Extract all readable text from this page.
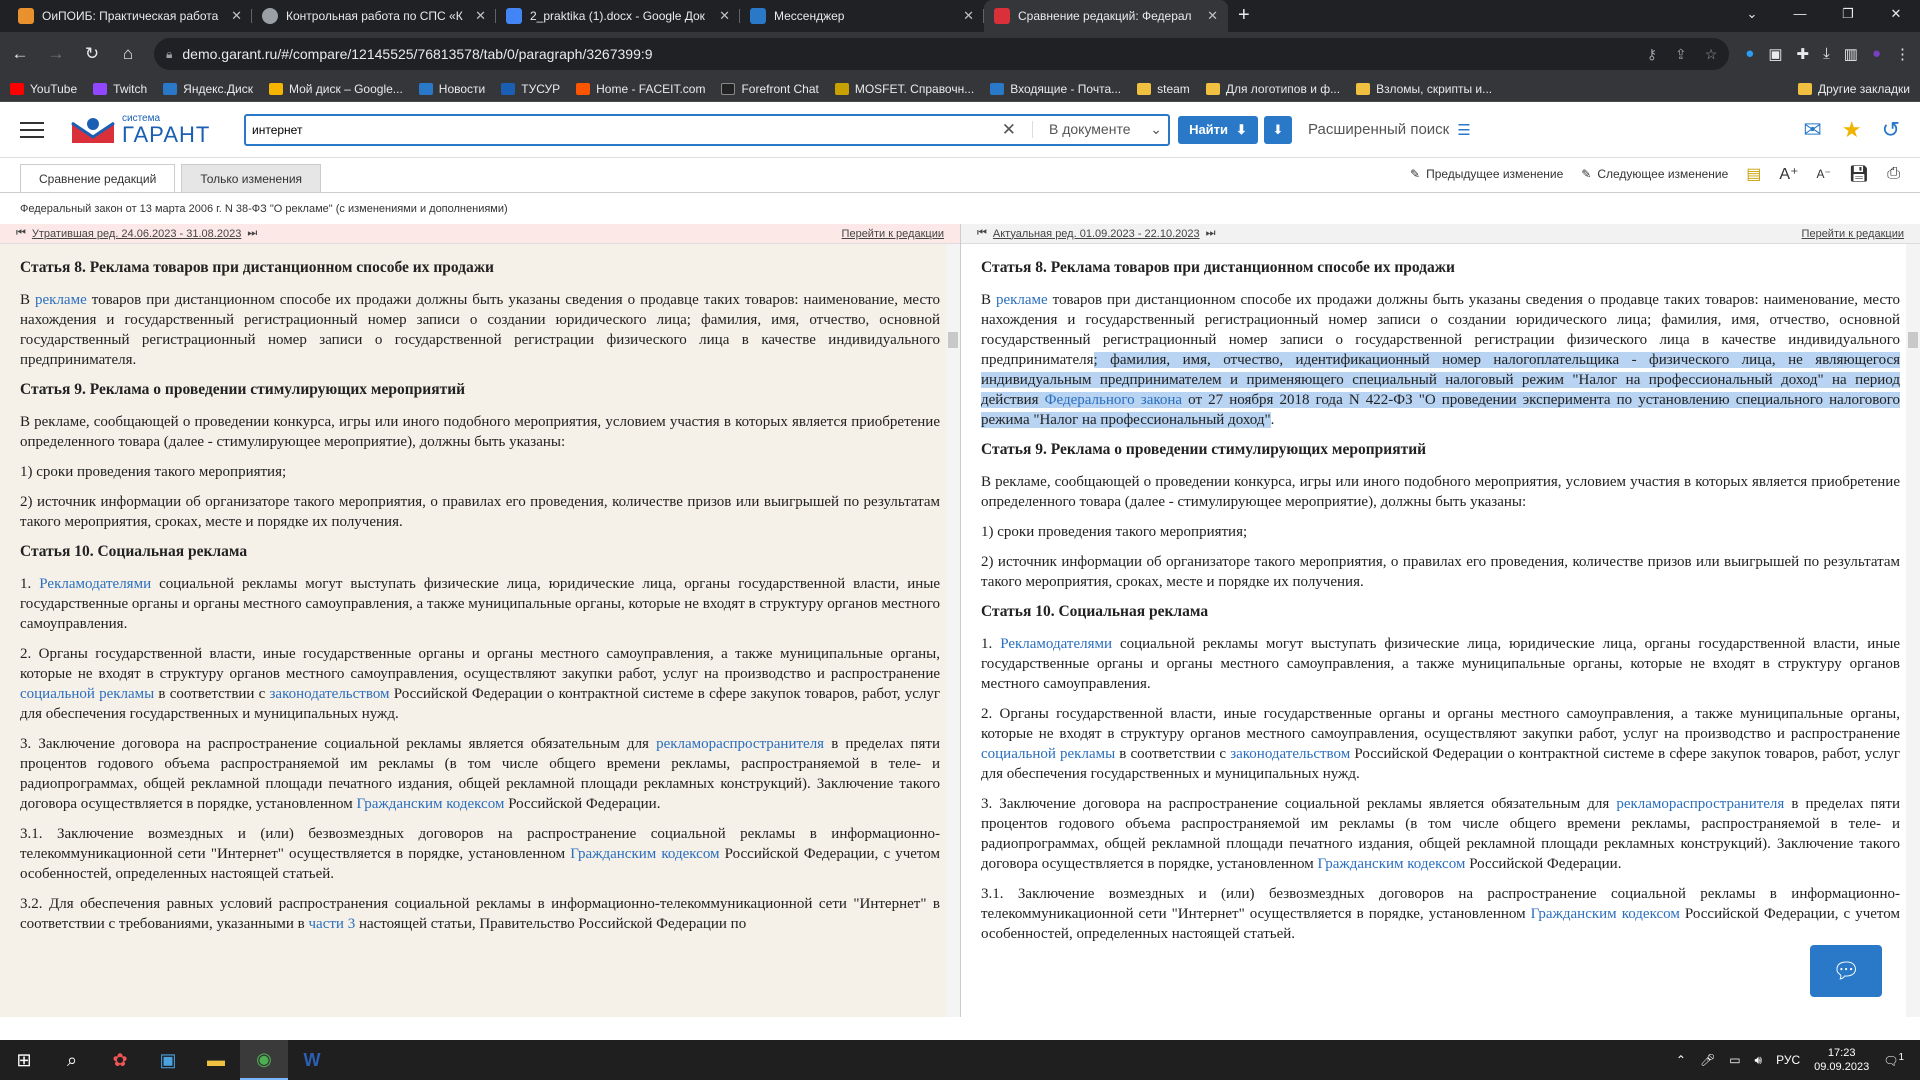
ОиПОИБ: Практическая работа ✕	Контрольная работа по СПС «К ✕	2_praktika (1).docx - Google Док	✕	Мессенджер	✕	Сравнение редакций: Федерал	✕	+	⌄	—	❐	✕
← → ↻ ⌂	🔒︎ demo.garant.ru/#/compare/12145525/76813578/tab/0/paragraph/3267399:9	⚷ ⇪ ☆ ● ▣ ✚ ⤓ ▥ ● ⋮
YouTube	Twitch	Яндекс.Диск	Мой диск – Google...	Новости	ТУСУР	Home - FACEIT.com	Forefront Chat	MOSFET. Справочн...	Входящие - Почта...	steam	Для логотипов и ф...	Взломы, скрипты и...	Другие закладки
система
ГАРАНТ	интернет	✕ В документе ⌄ Найти ⬇	⬇	Расширенный поиск ☰	✉ ★ ↺
Сравнение редакций	Только изменения	✎ Предыдущее изменение ✎ Следующее изменение ▤ A⁺ A⁻ 💾︎ ⎙
Федеральный закон от 13 марта 2006 г. N 38-ФЗ "О рекламе" (с изменениями и дополнениями)
⏮ Утратившая ред. 24.06.2023 - 31.08.2023 ⏭	Перейти к редакции
Статья 8. Реклама товаров при дистанционном способе их продажи

В рекламе товаров при дистанционном способе их продажи должны быть указаны сведения о продавце таких товаров: наименование, место нахождения и государственный регистрационный номер записи о создании юридического лица; фамилия, имя, отчество, основной государственный регистрационный номер записи о государственной регистрации физического лица в качестве индивидуального предпринимателя.

Статья 9. Реклама о проведении стимулирующих мероприятий

В рекламе, сообщающей о проведении конкурса, игры или иного подобного мероприятия, условием участия в которых является приобретение определенного товара (далее - стимулирующее мероприятие), должны быть указаны:

1) сроки проведения такого мероприятия;

2) источник информации об организаторе такого мероприятия, о правилах его проведения, количестве призов или выигрышей по результатам такого мероприятия, сроках, месте и порядке их получения.

Статья 10. Социальная реклама

1. Рекламодателями социальной рекламы могут выступать физические лица, юридические лица, органы государственной власти, иные государственные органы и органы местного самоуправления, а также муниципальные органы, которые не входят в структуру органов местного самоуправления.

2. Органы государственной власти, иные государственные органы и органы местного самоуправления, а также муниципальные органы, которые не входят в структуру органов местного самоуправления, осуществляют закупки работ, услуг на производство и распространение социальной рекламы в соответствии с законодательством Российской Федерации о контрактной системе в сфере закупок товаров, работ, услуг для обеспечения государственных и муниципальных нужд.

3. Заключение договора на распространение социальной рекламы является обязательным для рекламораспространителя в пределах пяти процентов годового объема распространяемой им рекламы (в том числе общего времени рекламы, распространяемой в теле- и радиопрограммах, общей рекламной площади печатного издания, общей рекламной площади рекламных конструкций). Заключение такого договора осуществляется в порядке, установленном Гражданским кодексом Российской Федерации.

3.1. Заключение возмездных и (или) безвозмездных договоров на распространение социальной рекламы в информационно-телекоммуникационной сети "Интернет" осуществляется в порядке, установленном Гражданским кодексом Российской Федерации, с учетом особенностей, определенных настоящей статьей.

3.2. Для обеспечения равных условий распространения социальной рекламы в информационно-телекоммуникационной сети "Интернет" в соответствии с требованиями, указанными в части 3 настоящей статьи, Правительство Российской Федерации по

⏮ Актуальная ред. 01.09.2023 - 22.10.2023 ⏭	Перейти к редакции
Статья 8. Реклама товаров при дистанционном способе их продажи

В рекламе товаров при дистанционном способе их продажи должны быть указаны сведения о продавце таких товаров: наименование, место нахождения и государственный регистрационный номер записи о создании юридического лица; фамилия, имя, отчество, основной государственный регистрационный номер записи о государственной регистрации физического лица в качестве индивидуального предпринимателя; фамилия, имя, отчество, идентификационный номер налогоплательщика - физического лица, не являющегося индивидуальным предпринимателем и применяющего специальный налоговый режим "Налог на профессиональный доход" на период действия Федерального закона от 27 ноября 2018 года N 422-ФЗ "О проведении эксперимента по установлению специального налогового режима "Налог на профессиональный доход".

Статья 9. Реклама о проведении стимулирующих мероприятий

В рекламе, сообщающей о проведении конкурса, игры или иного подобного мероприятия, условием участия в которых является приобретение определенного товара (далее - стимулирующее мероприятие), должны быть указаны:

1) сроки проведения такого мероприятия;

2) источник информации об организаторе такого мероприятия, о правилах его проведения, количестве призов или выигрышей по результатам такого мероприятия, сроках, месте и порядке их получения.

Статья 10. Социальная реклама

1. Рекламодателями социальной рекламы могут выступать физические лица, юридические лица, органы государственной власти, иные государственные органы и органы местного самоуправления, а также муниципальные органы, которые не входят в структуру органов местного самоуправления.

2. Органы государственной власти, иные государственные органы и органы местного самоуправления, а также муниципальные органы, которые не входят в структуру органов местного самоуправления, осуществляют закупки работ, услуг на производство и распространение социальной рекламы в соответствии с законодательством Российской Федерации о контрактной системе в сфере закупок товаров, работ, услуг для обеспечения государственных и муниципальных нужд.

3. Заключение договора на распространение социальной рекламы является обязательным для рекламораспространителя в пределах пяти процентов годового объема распространяемой им рекламы (в том числе общего времени рекламы, распространяемой в теле- и радиопрограммах, общей рекламной площади печатного издания, общей рекламной площади рекламных конструкций). Заключение такого договора осуществляется в порядке, установленном Гражданским кодексом Российской Федерации.

3.1. Заключение возмездных и (или) безвозмездных договоров на распространение социальной рекламы в информационно-телекоммуникационной сети "Интернет" осуществляется в порядке, установленном Гражданским кодексом Российской Федерации, с учетом особенностей, определенных настоящей статьей.

💬︎
⊞	⌕	✿	▣	▬	◉	W	⌃ 🎤︎ ▭ 🔊︎ РУС	17:23
09.09.2023 🗨︎$^1$
